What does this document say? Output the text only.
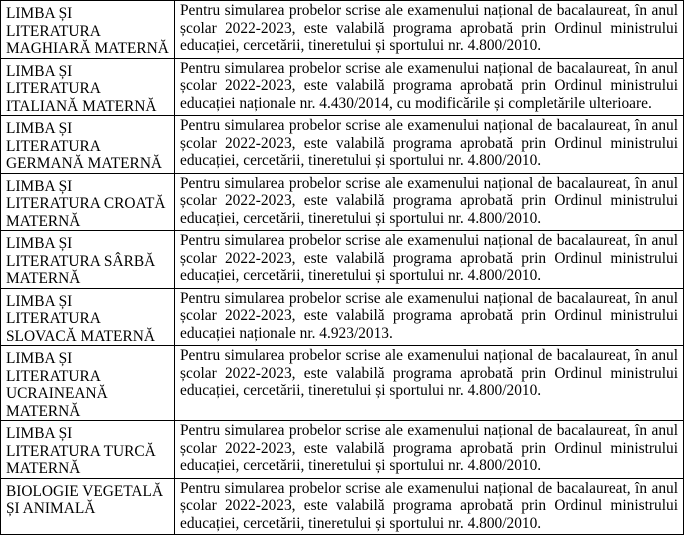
LIMBA ȘI LITERATURA MAGHIARĂ MATERNĂ	Pentru simularea probelor scrise ale examenului național de bacalaureat, în anul școlar 2022-2023, este valabilă programa aprobată prin Ordinul ministrului educației, cercetării, tineretului și sportului nr. 4.800/2010.
LIMBA ȘI LITERATURA ITALIANĂ MATERNĂ	Pentru simularea probelor scrise ale examenului național de bacalaureat, în anul școlar 2022-2023, este valabilă programa aprobată prin Ordinul ministrului educației naționale nr. 4.430/2014, cu modificările și completările ulterioare.
LIMBA ȘI LITERATURA GERMANĂ MATERNĂ	Pentru simularea probelor scrise ale examenului național de bacalaureat, în anul școlar 2022-2023, este valabilă programa aprobată prin Ordinul ministrului educației, cercetării, tineretului și sportului nr. 4.800/2010.
LIMBA ȘI LITERATURA CROATĂ MATERNĂ	Pentru simularea probelor scrise ale examenului național de bacalaureat, în anul școlar 2022-2023, este valabilă programa aprobată prin Ordinul ministrului educației, cercetării, tineretului și sportului nr. 4.800/2010.
LIMBA ȘI LITERATURA SÂRBĂ MATERNĂ	Pentru simularea probelor scrise ale examenului național de bacalaureat, în anul școlar 2022-2023, este valabilă programa aprobată prin Ordinul ministrului educației, cercetării, tineretului și sportului nr. 4.800/2010.
LIMBA ȘI LITERATURA SLOVACĂ MATERNĂ	Pentru simularea probelor scrise ale examenului național de bacalaureat, în anul școlar 2022-2023, este valabilă programa aprobată prin Ordinul ministrului educației naționale nr. 4.923/2013.
LIMBA ȘI LITERATURA UCRAINEANĂ MATERNĂ	Pentru simularea probelor scrise ale examenului național de bacalaureat, în anul școlar 2022-2023, este valabilă programa aprobată prin Ordinul ministrului educației, cercetării, tineretului și sportului nr. 4.800/2010.
LIMBA ȘI LITERATURA TURCĂ MATERNĂ	Pentru simularea probelor scrise ale examenului național de bacalaureat, în anul școlar 2022-2023, este valabilă programa aprobată prin Ordinul ministrului educației, cercetării, tineretului și sportului nr. 4.800/2010.
BIOLOGIE VEGETALĂ ȘI ANIMALĂ	Pentru simularea probelor scrise ale examenului național de bacalaureat, în anul școlar 2022-2023, este valabilă programa aprobată prin Ordinul ministrului educației, cercetării, tineretului și sportului nr. 4.800/2010.
